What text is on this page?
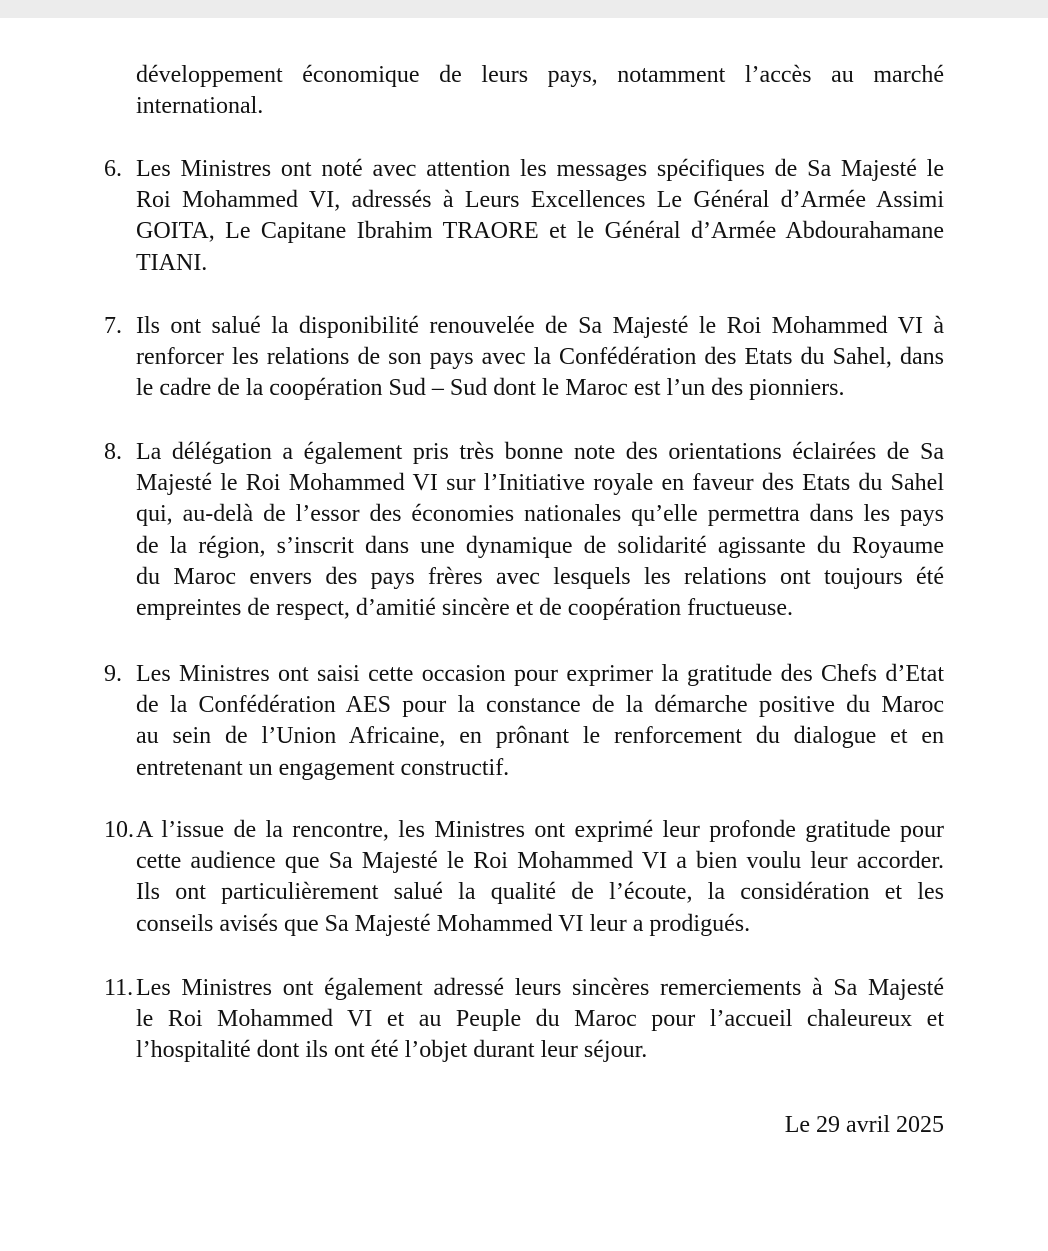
développement économique de leurs pays, notamment l’accès au marché
international.
6. Les Ministres ont noté avec attention les messages spécifiques de Sa Majesté le
Roi Mohammed VI, adressés à Leurs Excellences Le Général d’Armée Assimi
GOITA, Le Capitane Ibrahim TRAORE et le Général d’Armée Abdourahamane
TIANI.
7. Ils ont salué la disponibilité renouvelée de Sa Majesté le Roi Mohammed VI à
renforcer les relations de son pays avec la Confédération des Etats du Sahel, dans
le cadre de la coopération Sud – Sud dont le Maroc est l’un des pionniers.
8. La délégation a également pris très bonne note des orientations éclairées de Sa
Majesté le Roi Mohammed VI sur l’Initiative royale en faveur des Etats du Sahel
qui, au-delà de l’essor des économies nationales qu’elle permettra dans les pays
de la région, s’inscrit dans une dynamique de solidarité agissante du Royaume
du Maroc envers des pays frères avec lesquels les relations ont toujours été
empreintes de respect, d’amitié sincère et de coopération fructueuse.
9. Les Ministres ont saisi cette occasion pour exprimer la gratitude des Chefs d’Etat
de la Confédération AES pour la constance de la démarche positive du Maroc
au sein de l’Union Africaine, en prônant le renforcement du dialogue et en
entretenant un engagement constructif.
10. A l’issue de la rencontre, les Ministres ont exprimé leur profonde gratitude pour
cette audience que Sa Majesté le Roi Mohammed VI a bien voulu leur accorder.
Ils ont particulièrement salué la qualité de l’écoute, la considération et les
conseils avisés que Sa Majesté Mohammed VI leur a prodigués.
11. Les Ministres ont également adressé leurs sincères remerciements à Sa Majesté
le Roi Mohammed VI et au Peuple du Maroc pour l’accueil chaleureux et
l’hospitalité dont ils ont été l’objet durant leur séjour.
Le 29 avril 2025
